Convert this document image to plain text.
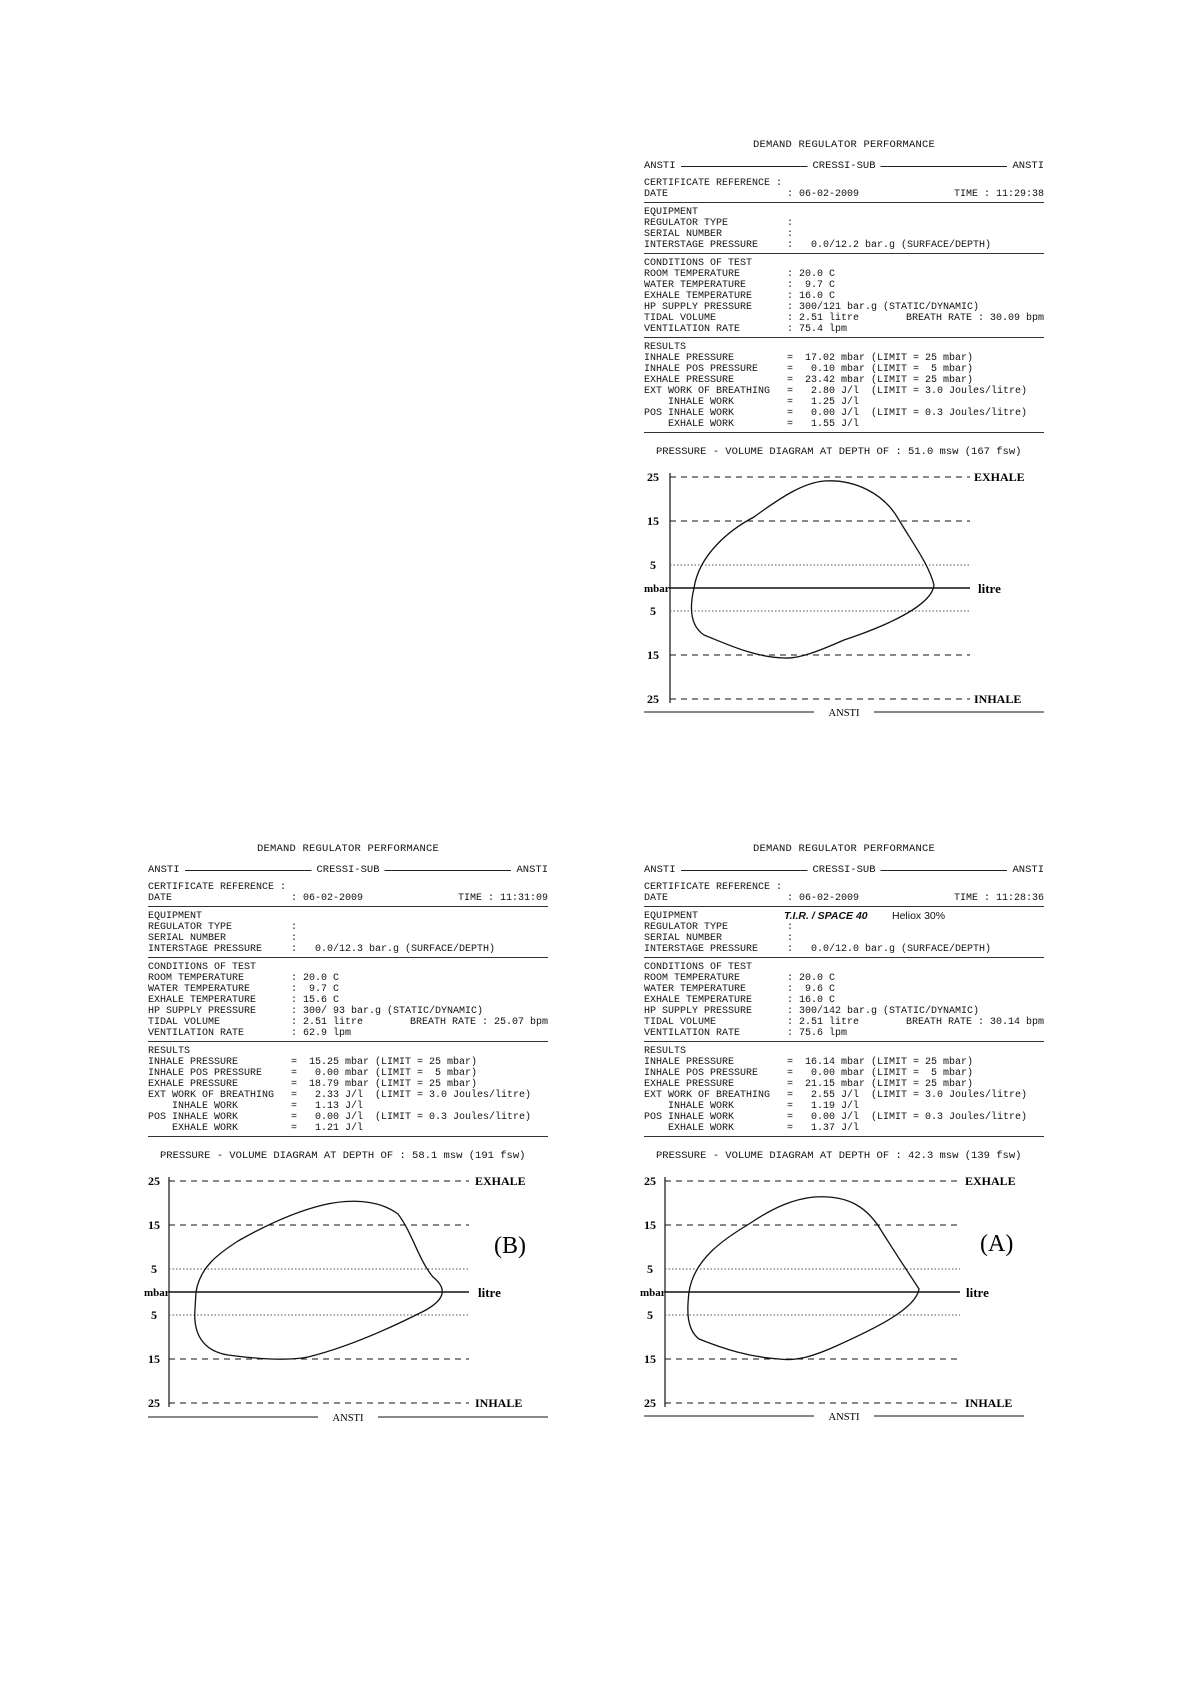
DEMAND REGULATOR PERFORMANCE
ANSTI	CRESSI-SUB	ANSTI
CERTIFICATE REFERENCE :
DATE	: 06-02-2009	TIME : 11:29:38
EQUIPMENT
REGULATOR TYPE	:
SERIAL NUMBER	:
INTERSTAGE PRESSURE	:   0.0/12.2 bar.g (SURFACE/DEPTH)
CONDITIONS OF TEST
ROOM TEMPERATURE	: 20.0 C
WATER TEMPERATURE	:  9.7 C
EXHALE TEMPERATURE	: 16.0 C
HP SUPPLY PRESSURE	: 300/121 bar.g (STATIC/DYNAMIC)
TIDAL VOLUME	: 2.51 litre	BREATH RATE : 30.09 bpm
VENTILATION RATE	: 75.4 lpm
RESULTS
INHALE PRESSURE	= 17.02 mbar (LIMIT = 25 mbar)
INHALE POS PRESSURE	= 0.10 mbar (LIMIT =  5 mbar)
EXHALE PRESSURE	= 23.42 mbar (LIMIT = 25 mbar)
EXT WORK OF BREATHING = 2.80 J/l  (LIMIT = 3.0 Joules/litre)
INHALE WORK	= 1.25 J/l
POS INHALE WORK	= 0.00 J/l  (LIMIT = 0.3 Joules/litre)
EXHALE WORK	= 1.55 J/l
PRESSURE - VOLUME DIAGRAM AT DEPTH OF : 51.0 msw (167 fsw)
25
15
5
mbar
5
15
25
EXHALE
INHALE
litre
ANSTI
DEMAND REGULATOR PERFORMANCE
ANSTI	CRESSI-SUB	ANSTI
CERTIFICATE REFERENCE :
DATE	: 06-02-2009	TIME : 11:31:09
EQUIPMENT
REGULATOR TYPE	:
SERIAL NUMBER	:
INTERSTAGE PRESSURE	:   0.0/12.3 bar.g (SURFACE/DEPTH)
CONDITIONS OF TEST
ROOM TEMPERATURE	: 20.0 C
WATER TEMPERATURE	:  9.7 C
EXHALE TEMPERATURE	: 15.6 C
HP SUPPLY PRESSURE	: 300/ 93 bar.g (STATIC/DYNAMIC)
TIDAL VOLUME	: 2.51 litre	BREATH RATE : 25.07 bpm
VENTILATION RATE	: 62.9 lpm
RESULTS
INHALE PRESSURE	= 15.25 mbar (LIMIT = 25 mbar)
INHALE POS PRESSURE	= 0.00 mbar (LIMIT =  5 mbar)
EXHALE PRESSURE	= 18.79 mbar (LIMIT = 25 mbar)
EXT WORK OF BREATHING = 2.33 J/l  (LIMIT = 3.0 Joules/litre)
INHALE WORK	= 1.13 J/l
POS INHALE WORK	= 0.00 J/l  (LIMIT = 0.3 Joules/litre)
EXHALE WORK	= 1.21 J/l
PRESSURE - VOLUME DIAGRAM AT DEPTH OF : 58.1 msw (191 fsw)
25
15
5
mbar
5
15
25
EXHALE
INHALE
litre
(B)
ANSTI
DEMAND REGULATOR PERFORMANCE
ANSTI	CRESSI-SUB	ANSTI
CERTIFICATE REFERENCE :
DATE	: 06-02-2009	TIME : 11:28:36
EQUIPMENT	T.I.R. / SPACE 40 Heliox 30%
REGULATOR TYPE	:
SERIAL NUMBER	:
INTERSTAGE PRESSURE	:   0.0/12.0 bar.g (SURFACE/DEPTH)
CONDITIONS OF TEST
ROOM TEMPERATURE	: 20.0 C
WATER TEMPERATURE	:  9.6 C
EXHALE TEMPERATURE	: 16.0 C
HP SUPPLY PRESSURE	: 300/142 bar.g (STATIC/DYNAMIC)
TIDAL VOLUME	: 2.51 litre	BREATH RATE : 30.14 bpm
VENTILATION RATE	: 75.6 lpm
RESULTS
INHALE PRESSURE	= 16.14 mbar (LIMIT = 25 mbar)
INHALE POS PRESSURE	= 0.00 mbar (LIMIT =  5 mbar)
EXHALE PRESSURE	= 21.15 mbar (LIMIT = 25 mbar)
EXT WORK OF BREATHING = 2.55 J/l  (LIMIT = 3.0 Joules/litre)
INHALE WORK	= 1.19 J/l
POS INHALE WORK	= 0.00 J/l  (LIMIT = 0.3 Joules/litre)
EXHALE WORK	= 1.37 J/l
PRESSURE - VOLUME DIAGRAM AT DEPTH OF : 42.3 msw (139 fsw)
25
15
5
mbar
5
15
25
EXHALE
INHALE
litre
(A)
ANSTI
